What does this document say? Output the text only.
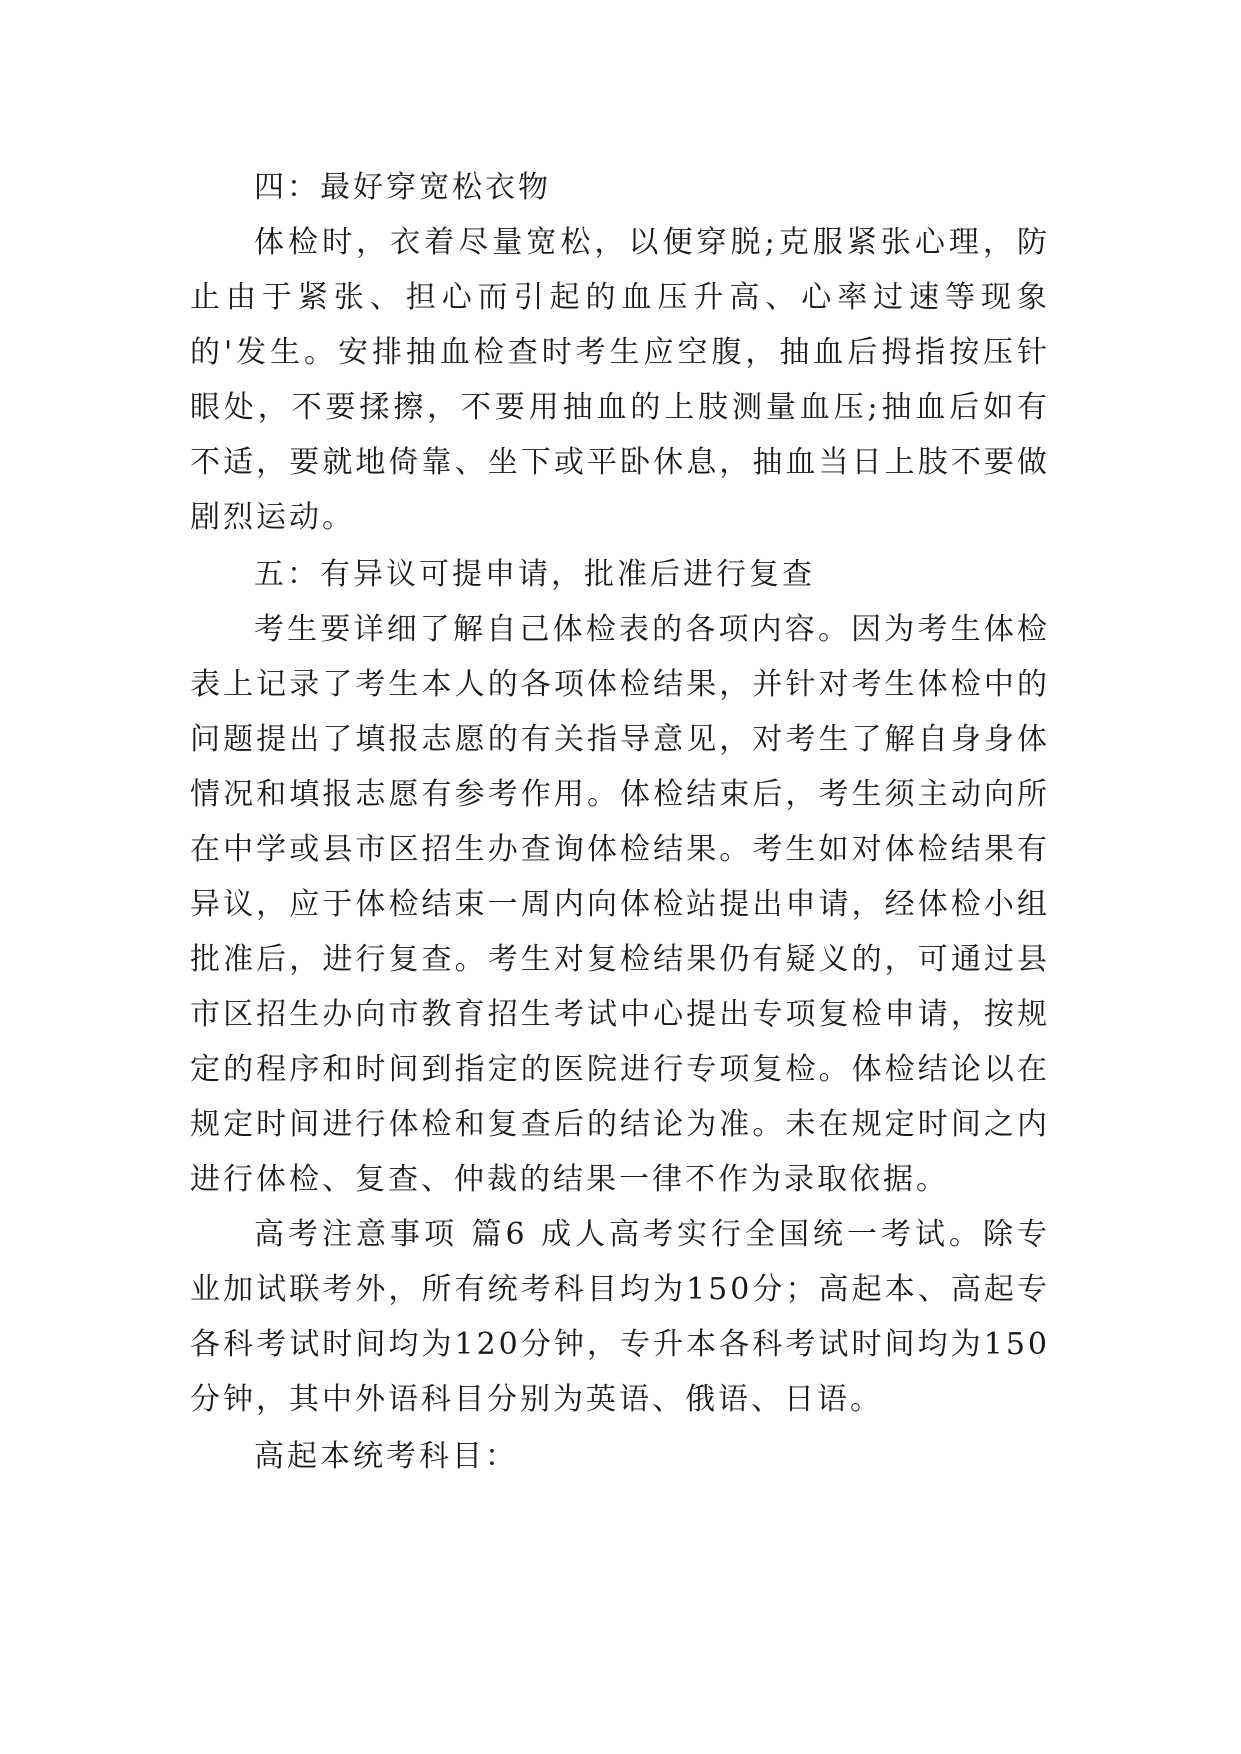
四：最好穿宽松衣物

体检时，衣着尽量宽松，以便穿脱;克服紧张心理，防止由于紧张、担心而引起的血压升高、心率过速等现象的'发生。安排抽血检查时考生应空腹，抽血后拇指按压针眼处，不要揉擦，不要用抽血的上肢测量血压;抽血后如有不适，要就地倚靠、坐下或平卧休息，抽血当日上肢不要做剧烈运动。

五：有异议可提申请，批准后进行复查

考生要详细了解自己体检表的各项内容。因为考生体检表上记录了考生本人的各项体检结果，并针对考生体检中的问题提出了填报志愿的有关指导意见，对考生了解自身身体情况和填报志愿有参考作用。体检结束后，考生须主动向所在中学或县市区招生办查询体检结果。考生如对体检结果有异议，应于体检结束一周内向体检站提出申请，经体检小组批准后，进行复查。考生对复检结果仍有疑义的，可通过县市区招生办向市教育招生考试中心提出专项复检申请，按规定的程序和时间到指定的医院进行专项复检。体检结论以在规定时间进行体检和复查后的结论为准。未在规定时间之内进行体检、复查、仲裁的结果一律不作为录取依据。

高考注意事项 篇6 成人高考实行全国统一考试。除专业加试联考外，所有统考科目均为150分；高起本、高起专各科考试时间均为120分钟，专升本各科考试时间均为150分钟，其中外语科目分别为英语、俄语、日语。

高起本统考科目：
